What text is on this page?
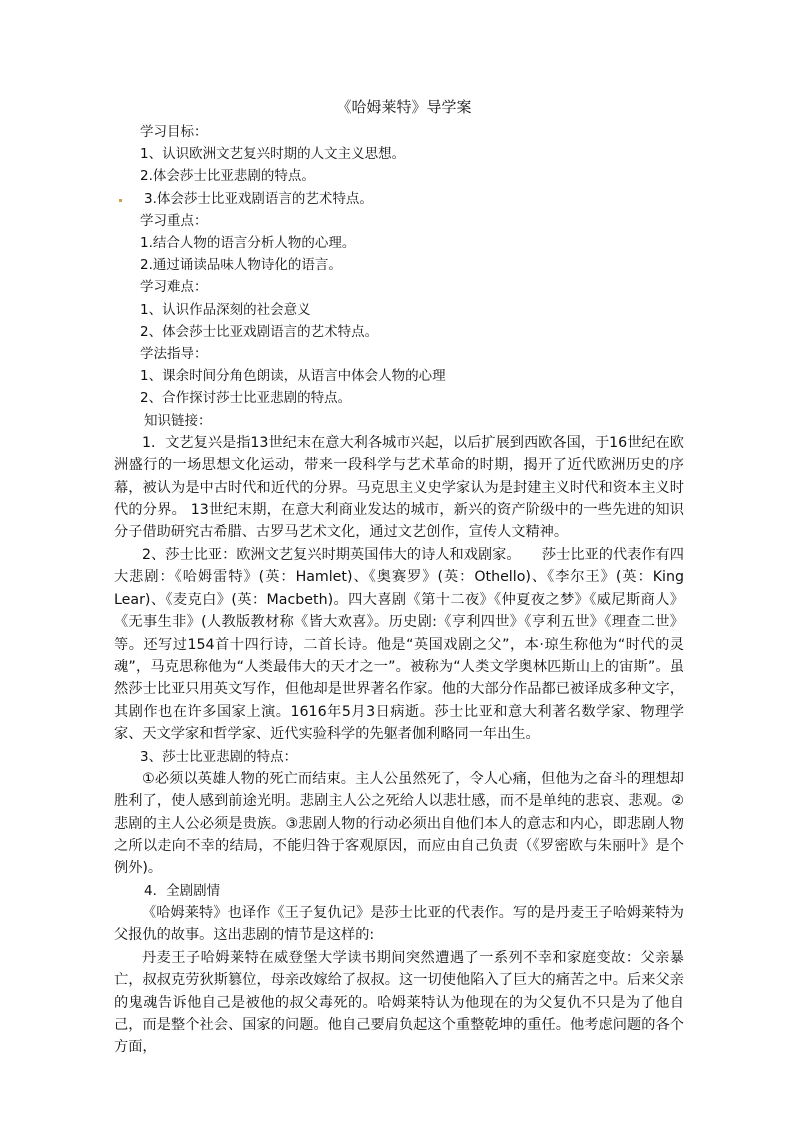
《哈姆莱特》导学案
学习目标：
1、认识欧洲文艺复兴时期的人文主义思想。
2.体会莎士比亚悲剧的特点。
3.体会莎士比亚戏剧语言的艺术特点。
学习重点：
1.结合人物的语言分析人物的心理。
2.通过诵读品味人物诗化的语言。
学习难点：
1、认识作品深刻的社会意义
2、体会莎士比亚戏剧语言的艺术特点。
学法指导：
1、课余时间分角色朗读，从语言中体会人物的心理
2、合作探讨莎士比亚悲剧的特点。
知识链接：

1．文艺复兴是指13世纪末在意大利各城市兴起，以后扩展到西欧各国，于16世纪在欧洲盛行的一场思想文化运动，带来一段科学与艺术革命的时期，揭开了近代欧洲历史的序幕，被认为是中古时代和近代的分界。马克思主义史学家认为是封建主义时代和资本主义时代的分界。 13世纪末期，在意大利商业发达的城市，新兴的资产阶级中的一些先进的知识分子借助研究古希腊、古罗马艺术文化，通过文艺创作，宣传人文精神。

2、莎士比亚：欧洲文艺复兴时期英国伟大的诗人和戏剧家。　　莎士比亚的代表作有四大悲剧：《哈姆雷特》(英：Hamlet)、《奥赛罗》(英：Othello)、《李尔王》(英：King Lear)、《麦克白》(英：Macbeth)。四大喜剧《第十二夜》《仲夏夜之梦》《威尼斯商人》《无事生非》(人教版教材称《皆大欢喜》。历史剧:《亨利四世》《亨利五世》《理查二世》等。还写过154首十四行诗，二首长诗。他是“英国戏剧之父”，本·琼生称他为“时代的灵魂”，马克思称他为“人类最伟大的天才之一”。被称为“人类文学奥林匹斯山上的宙斯”。虽然莎士比亚只用英文写作，但他却是世界著名作家。他的大部分作品都已被译成多种文字，其剧作也在许多国家上演。1616年5月3日病逝。莎士比亚和意大利著名数学家、物理学家、天文学家和哲学家、近代实验科学的先躯者伽利略同一年出生。

3、莎士比亚悲剧的特点：

①必须以英雄人物的死亡而结束。主人公虽然死了，令人心痛，但他为之奋斗的理想却胜利了，使人感到前途光明。悲剧主人公之死给人以悲壮感，而不是单纯的悲哀、悲观。②悲剧的主人公必须是贵族。③悲剧人物的行动必须出自他们本人的意志和内心，即悲剧人物之所以走向不幸的结局，不能归咎于客观原因，而应由自己负责（《罗密欧与朱丽叶》是个例外)。

4．全剧剧情

《哈姆莱特》也译作《王子复仇记》是莎士比亚的代表作。写的是丹麦王子哈姆莱特为父报仇的故事。这出悲剧的情节是这样的:

丹麦王子哈姆莱特在威登堡大学读书期间突然遭遇了一系列不幸和家庭变故：父亲暴亡，叔叔克劳狄斯篡位，母亲改嫁给了叔叔。这一切使他陷入了巨大的痛苦之中。后来父亲的鬼魂告诉他自己是被他的叔父毒死的。哈姆莱特认为他现在的为父复仇不只是为了他自己，而是整个社会、国家的问题。他自己要肩负起这个重整乾坤的重任。他考虑问题的各个方面，
